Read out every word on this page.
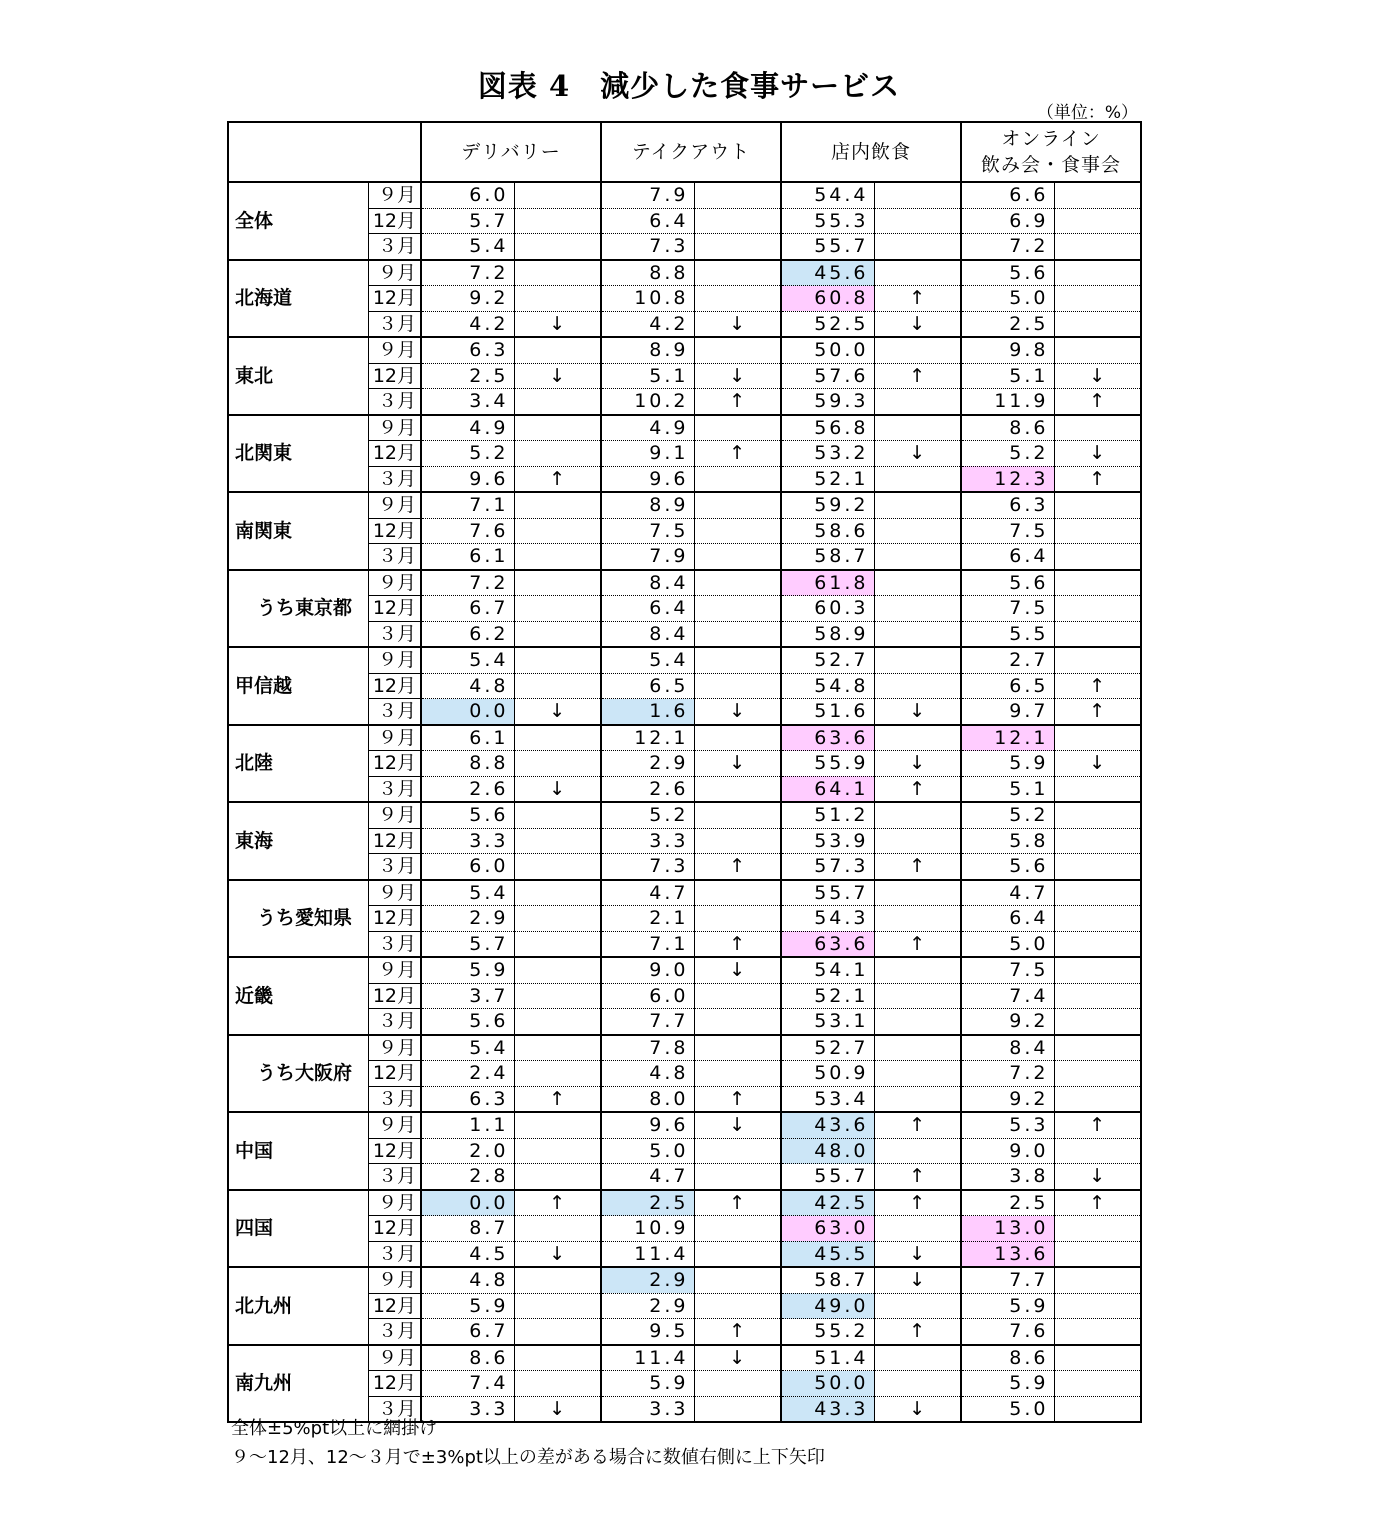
図表 4　減少した食事サービス
（単位：%）
		デリバリー		テイクアウト		店内飲食		オンライン
飲み会・食事会	
全体	９月	6.0		7.9		54.4		6.6	
	12月	5.7		6.4		55.3		6.9	
	３月	5.4		7.3		55.7		7.2	
北海道	９月	7.2		8.8		45.6		5.6	
	12月	9.2		10.8		60.8	↑	5.0	
	３月	4.2	↓	4.2	↓	52.5	↓	2.5	
東北	９月	6.3		8.9		50.0		9.8	
	12月	2.5	↓	5.1	↓	57.6	↑	5.1	↓
	３月	3.4		10.2	↑	59.3		11.9	↑
北関東	９月	4.9		4.9		56.8		8.6	
	12月	5.2		9.1	↑	53.2	↓	5.2	↓
	３月	9.6	↑	9.6		52.1		12.3	↑
南関東	９月	7.1		8.9		59.2		6.3	
	12月	7.6		7.5		58.6		7.5	
	３月	6.1		7.9		58.7		6.4	
うち東京都	９月	7.2		8.4		61.8		5.6	
	12月	6.7		6.4		60.3		7.5	
	３月	6.2		8.4		58.9		5.5	
甲信越	９月	5.4		5.4		52.7		2.7	
	12月	4.8		6.5		54.8		6.5	↑
	３月	0.0	↓	1.6	↓	51.6	↓	9.7	↑
北陸	９月	6.1		12.1		63.6		12.1	
	12月	8.8		2.9	↓	55.9	↓	5.9	↓
	３月	2.6	↓	2.6		64.1	↑	5.1	
東海	９月	5.6		5.2		51.2		5.2	
	12月	3.3		3.3		53.9		5.8	
	３月	6.0		7.3	↑	57.3	↑	5.6	
うち愛知県	９月	5.4		4.7		55.7		4.7	
	12月	2.9		2.1		54.3		6.4	
	３月	5.7		7.1	↑	63.6	↑	5.0	
近畿	９月	5.9		9.0	↓	54.1		7.5	
	12月	3.7		6.0		52.1		7.4	
	３月	5.6		7.7		53.1		9.2	
うち大阪府	９月	5.4		7.8		52.7		8.4	
	12月	2.4		4.8		50.9		7.2	
	３月	6.3	↑	8.0	↑	53.4		9.2	
中国	９月	1.1		9.6	↓	43.6	↑	5.3	↑
	12月	2.0		5.0		48.0		9.0	
	３月	2.8		4.7		55.7	↑	3.8	↓
四国	９月	0.0	↑	2.5	↑	42.5	↑	2.5	↑
	12月	8.7		10.9		63.0		13.0	
	３月	4.5	↓	11.4		45.5	↓	13.6	
北九州	９月	4.8		2.9		58.7	↓	7.7	
	12月	5.9		2.9		49.0		5.9	
	３月	6.7		9.5	↑	55.2	↑	7.6	
南九州	９月	8.6		11.4	↓	51.4		8.6	
	12月	7.4		5.9		50.0		5.9	
	３月	3.3	↓	3.3		43.3	↓	5.0	
全体±5%pt以上に網掛け
９～12月、12～３月で±3%pt以上の差がある場合に数値右側に上下矢印
